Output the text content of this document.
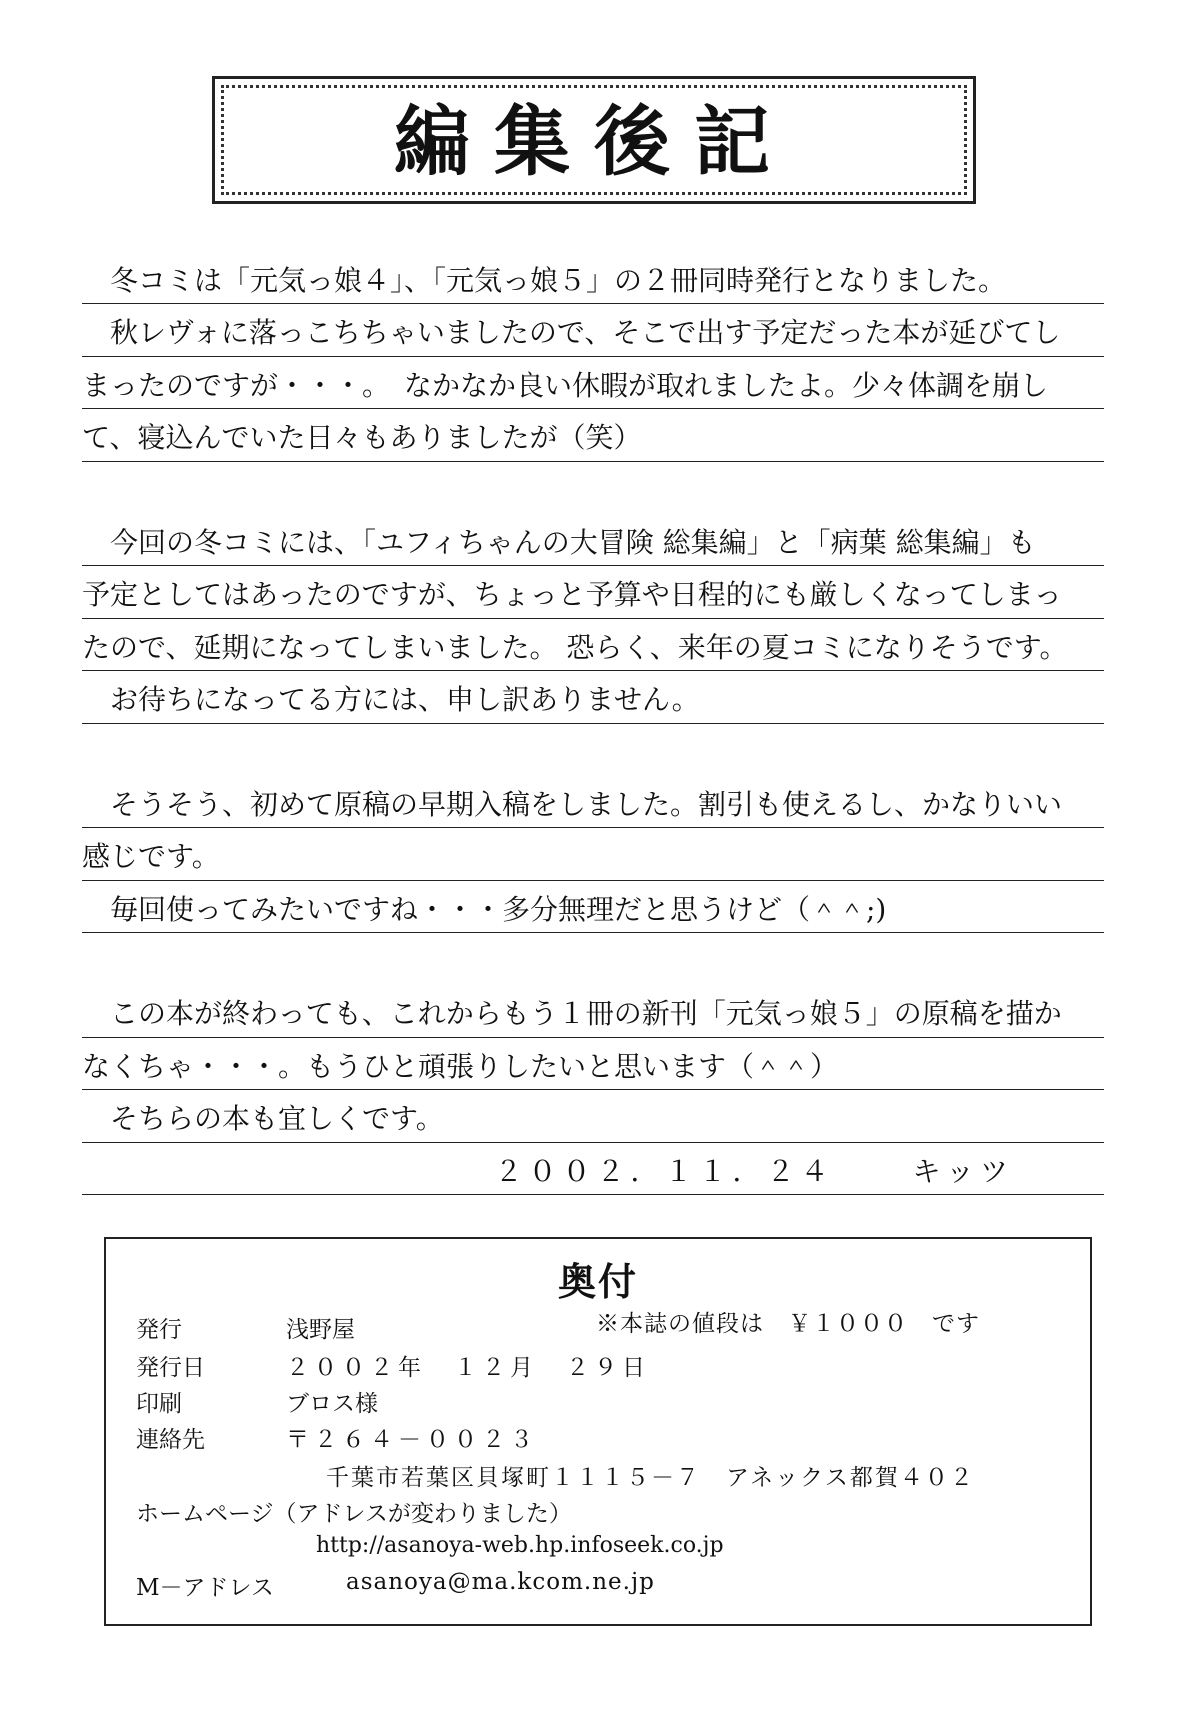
編集後記
冬コミは「元気っ娘４」、「元気っ娘５」の２冊同時発行となりました。
秋レヴォに落っこちちゃいましたので、そこで出す予定だった本が延びてし
まったのですが・・・。　なかなか良い休暇が取れましたよ。少々体調を崩し
て、寝込んでいた日々もありましたが（笑）
今回の冬コミには、「ユフィちゃんの大冒険 総集編」と「病葉 総集編」も
予定としてはあったのですが、ちょっと予算や日程的にも厳しくなってしまっ
たので、延期になってしまいました。 恐らく、来年の夏コミになりそうです。
お待ちになってる方には、申し訳ありません。
そうそう、初めて原稿の早期入稿をしました。割引も使えるし、かなりいい
感じです。
毎回使ってみたいですね・・・多分無理だと思うけど（＾＾;)
この本が終わっても、これからもう１冊の新刊「元気っ娘５」の原稿を描か
なくちゃ・・・。もうひと頑張りしたいと思います（＾＾）
そちらの本も宜しくです。
２００２．１１．２４	キッツ
奥付
発行	浅野屋	※本誌の値段は　￥１０００　です
発行日	２００２年　１２月　２９日
印刷	ブロス様
連絡先	〒２６４－００２３
千葉市若葉区貝塚町１１１５－７　アネックス都賀４０２
ホームページ（アドレスが変わりました）
http://asanoya-web.hp.infoseek.co.jp
M－アドレス	asanoya@ma.kcom.ne.jp
